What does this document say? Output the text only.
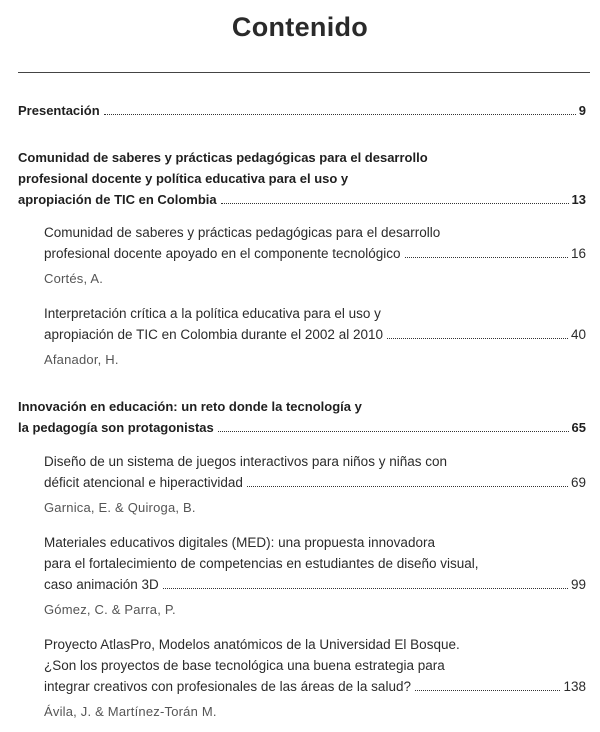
Contenido
Presentación	9
Comunidad de saberes y prácticas pedagógicas para el desarrollo
profesional docente y política educativa para el uso y
apropiación de TIC en Colombia	13
Comunidad de saberes y prácticas pedagógicas para el desarrollo
profesional docente apoyado en el componente tecnológico	16
Cortés, A.
Interpretación crítica a la política educativa para el uso y
apropiación de TIC en Colombia durante el 2002 al 2010	40
Afanador, H.
Innovación en educación: un reto donde la tecnología y
la pedagogía son protagonistas	65
Diseño de un sistema de juegos interactivos para niños y niñas con
déficit atencional e hiperactividad	69
Garnica, E. & Quiroga, B.
Materiales educativos digitales (MED): una propuesta innovadora
para el fortalecimiento de competencias en estudiantes de diseño visual,
caso animación 3D	99
Gómez, C. & Parra, P.
Proyecto AtlasPro, Modelos anatómicos de la Universidad El Bosque.
¿Son los proyectos de base tecnológica una buena estrategia para
integrar creativos con profesionales de las áreas de la salud?	138
Ávila, J. & Martínez-Torán M.
